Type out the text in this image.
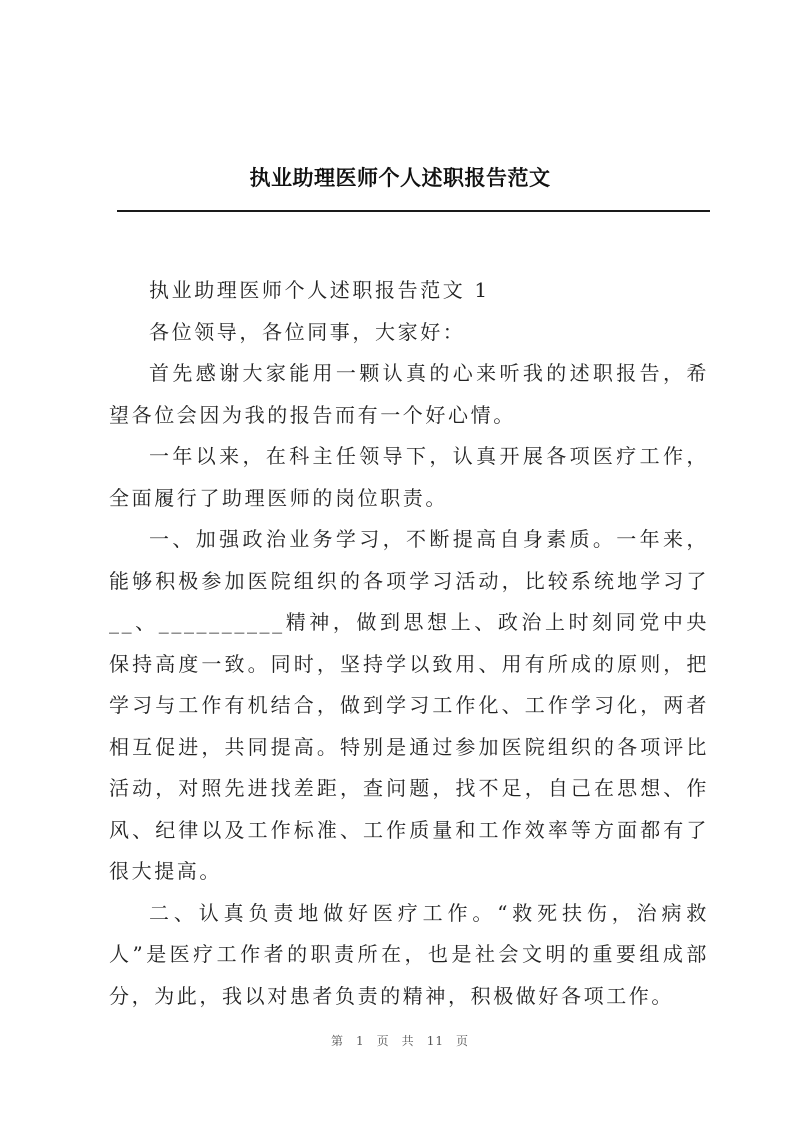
执业助理医师个人述职报告范文

执业助理医师个人述职报告范文 1

各位领导，各位同事，大家好：

首先感谢大家能用一颗认真的心来听我的述职报告，希望各位会因为我的报告而有一个好心情。

一年以来，在科主任领导下，认真开展各项医疗工作，全面履行了助理医师的岗位职责。

一、加强政治业务学习，不断提高自身素质。一年来，能够积极参加医院组织的各项学习活动，比较系统地学习了__、__________精神，做到思想上、政治上时刻同党中央保持高度一致。同时，坚持学以致用、用有所成的原则，把学习与工作有机结合，做到学习工作化、工作学习化，两者相互促进，共同提高。特别是通过参加医院组织的各项评比活动，对照先进找差距，查问题，找不足，自己在思想、作风、纪律以及工作标准、工作质量和工作效率等方面都有了很大提高。

二、认真负责地做好医疗工作。“救死扶伤，治病救人”是医疗工作者的职责所在，也是社会文明的重要组成部分，为此，我以对患者负责的精神，积极做好各项工作。

第 1 页 共 11 页
